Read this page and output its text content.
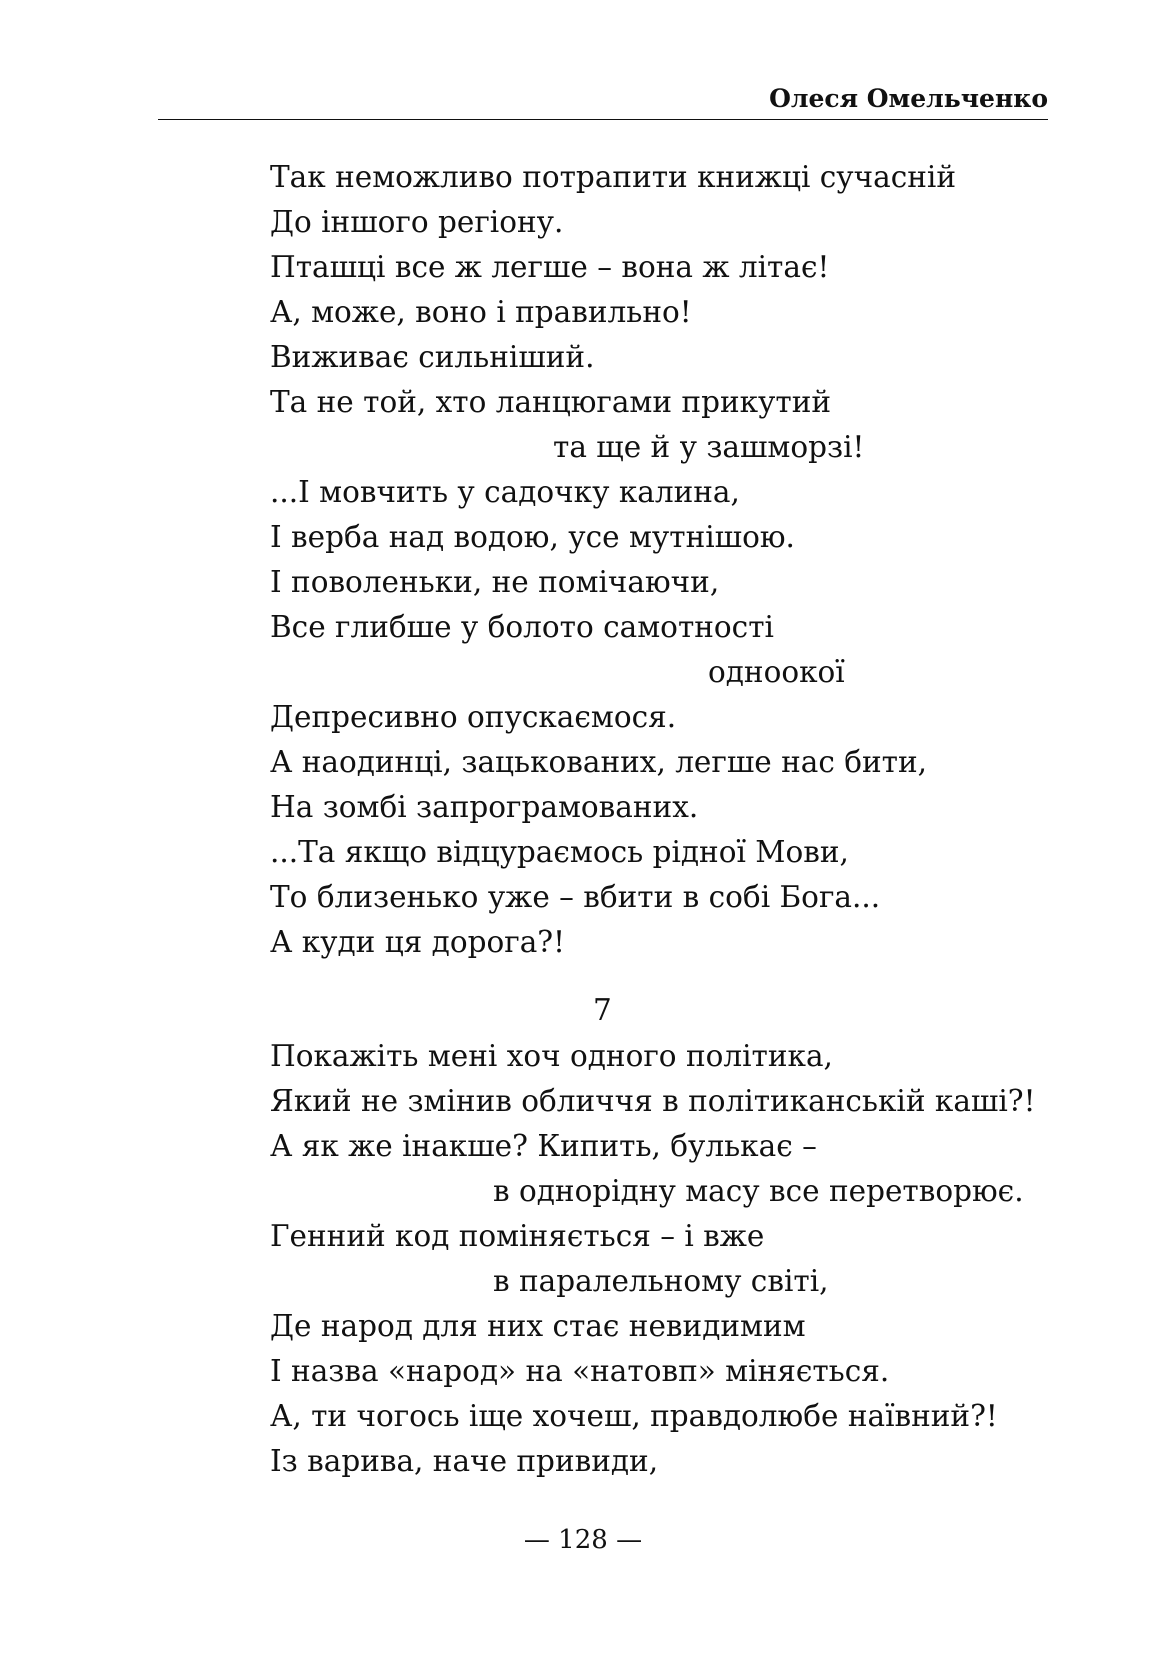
Олеся Омельченко
Так неможливо потрапити книжці сучасній
До іншого регіону.
Пташці все ж легше – вона ж літає!
А, може, воно і правильно!
Виживає сильніший.
Та не той, хто ланцюгами прикутий
та ще й у зашморзі!
...І мовчить у садочку калина,
І верба над водою, усе мутнішою.
І поволеньки, не помічаючи,
Все глибше у болото самотності
одноокої
Депресивно опускаємося.
А наодинці, зацькованих, легше нас бити,
На зомбі запрограмованих.
...Та якщо відцураємось рідної Мови,
То близенько уже – вбити в собі Бога...
А куди ця дорога?!
Покажіть мені хоч одного політика,
Який не змінив обличчя в політиканській каші?!
А як же інакше? Кипить, булькає –
в однорідну масу все перетворює.
Генний код поміняється – і вже
в паралельному світі,
Де народ для них стає невидимим
І назва «народ» на «натовп» міняється.
А, ти чогось іще хочеш, правдолюбе наївний?!
Із варива, наче привиди,
7
— 128 —
